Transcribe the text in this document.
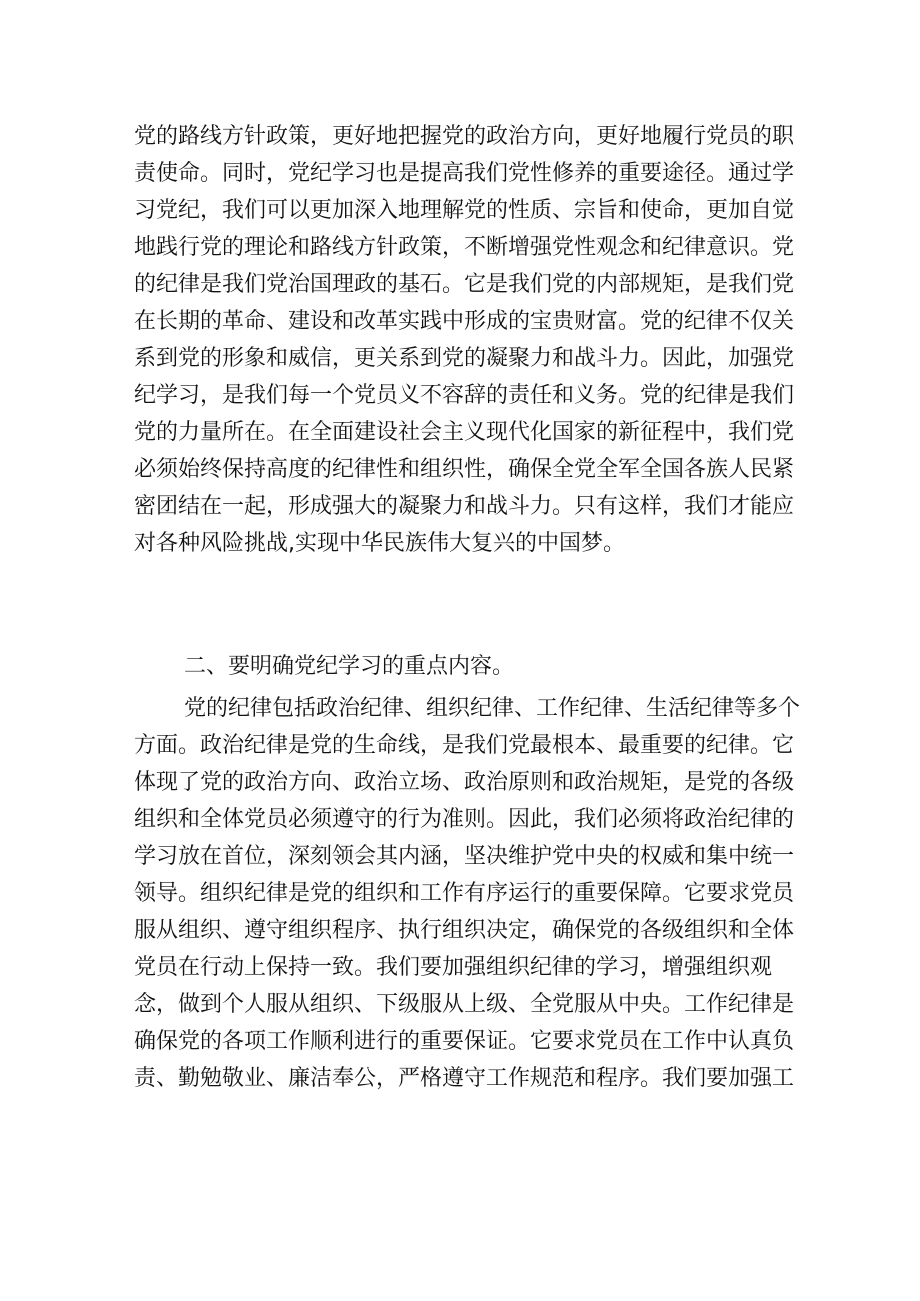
党的路线方针政策，更好地把握党的政治方向，更好地履行党员的职
责使命。同时，党纪学习也是提高我们党性修养的重要途径。通过学
习党纪，我们可以更加深入地理解党的性质、宗旨和使命，更加自觉
地践行党的理论和路线方针政策，不断增强党性观念和纪律意识。党
的纪律是我们党治国理政的基石。它是我们党的内部规矩，是我们党
在长期的革命、建设和改革实践中形成的宝贵财富。党的纪律不仅关
系到党的形象和威信，更关系到党的凝聚力和战斗力。因此，加强党
纪学习，是我们每一个党员义不容辞的责任和义务。党的纪律是我们
党的力量所在。在全面建设社会主义现代化国家的新征程中，我们党
必须始终保持高度的纪律性和组织性，确保全党全军全国各族人民紧
密团结在一起，形成强大的凝聚力和战斗力。只有这样，我们才能应
对各种风险挑战,实现中华民族伟大复兴的中国梦。
二、要明确党纪学习的重点内容。
党的纪律包括政治纪律、组织纪律、工作纪律、生活纪律等多个
方面。政治纪律是党的生命线，是我们党最根本、最重要的纪律。它
体现了党的政治方向、政治立场、政治原则和政治规矩，是党的各级
组织和全体党员必须遵守的行为准则。因此，我们必须将政治纪律的
学习放在首位，深刻领会其内涵，坚决维护党中央的权威和集中统一
领导。组织纪律是党的组织和工作有序运行的重要保障。它要求党员
服从组织、遵守组织程序、执行组织决定，确保党的各级组织和全体
党员在行动上保持一致。我们要加强组织纪律的学习，增强组织观
念，做到个人服从组织、下级服从上级、全党服从中央。工作纪律是
确保党的各项工作顺利进行的重要保证。它要求党员在工作中认真负
责、勤勉敬业、廉洁奉公，严格遵守工作规范和程序。我们要加强工
